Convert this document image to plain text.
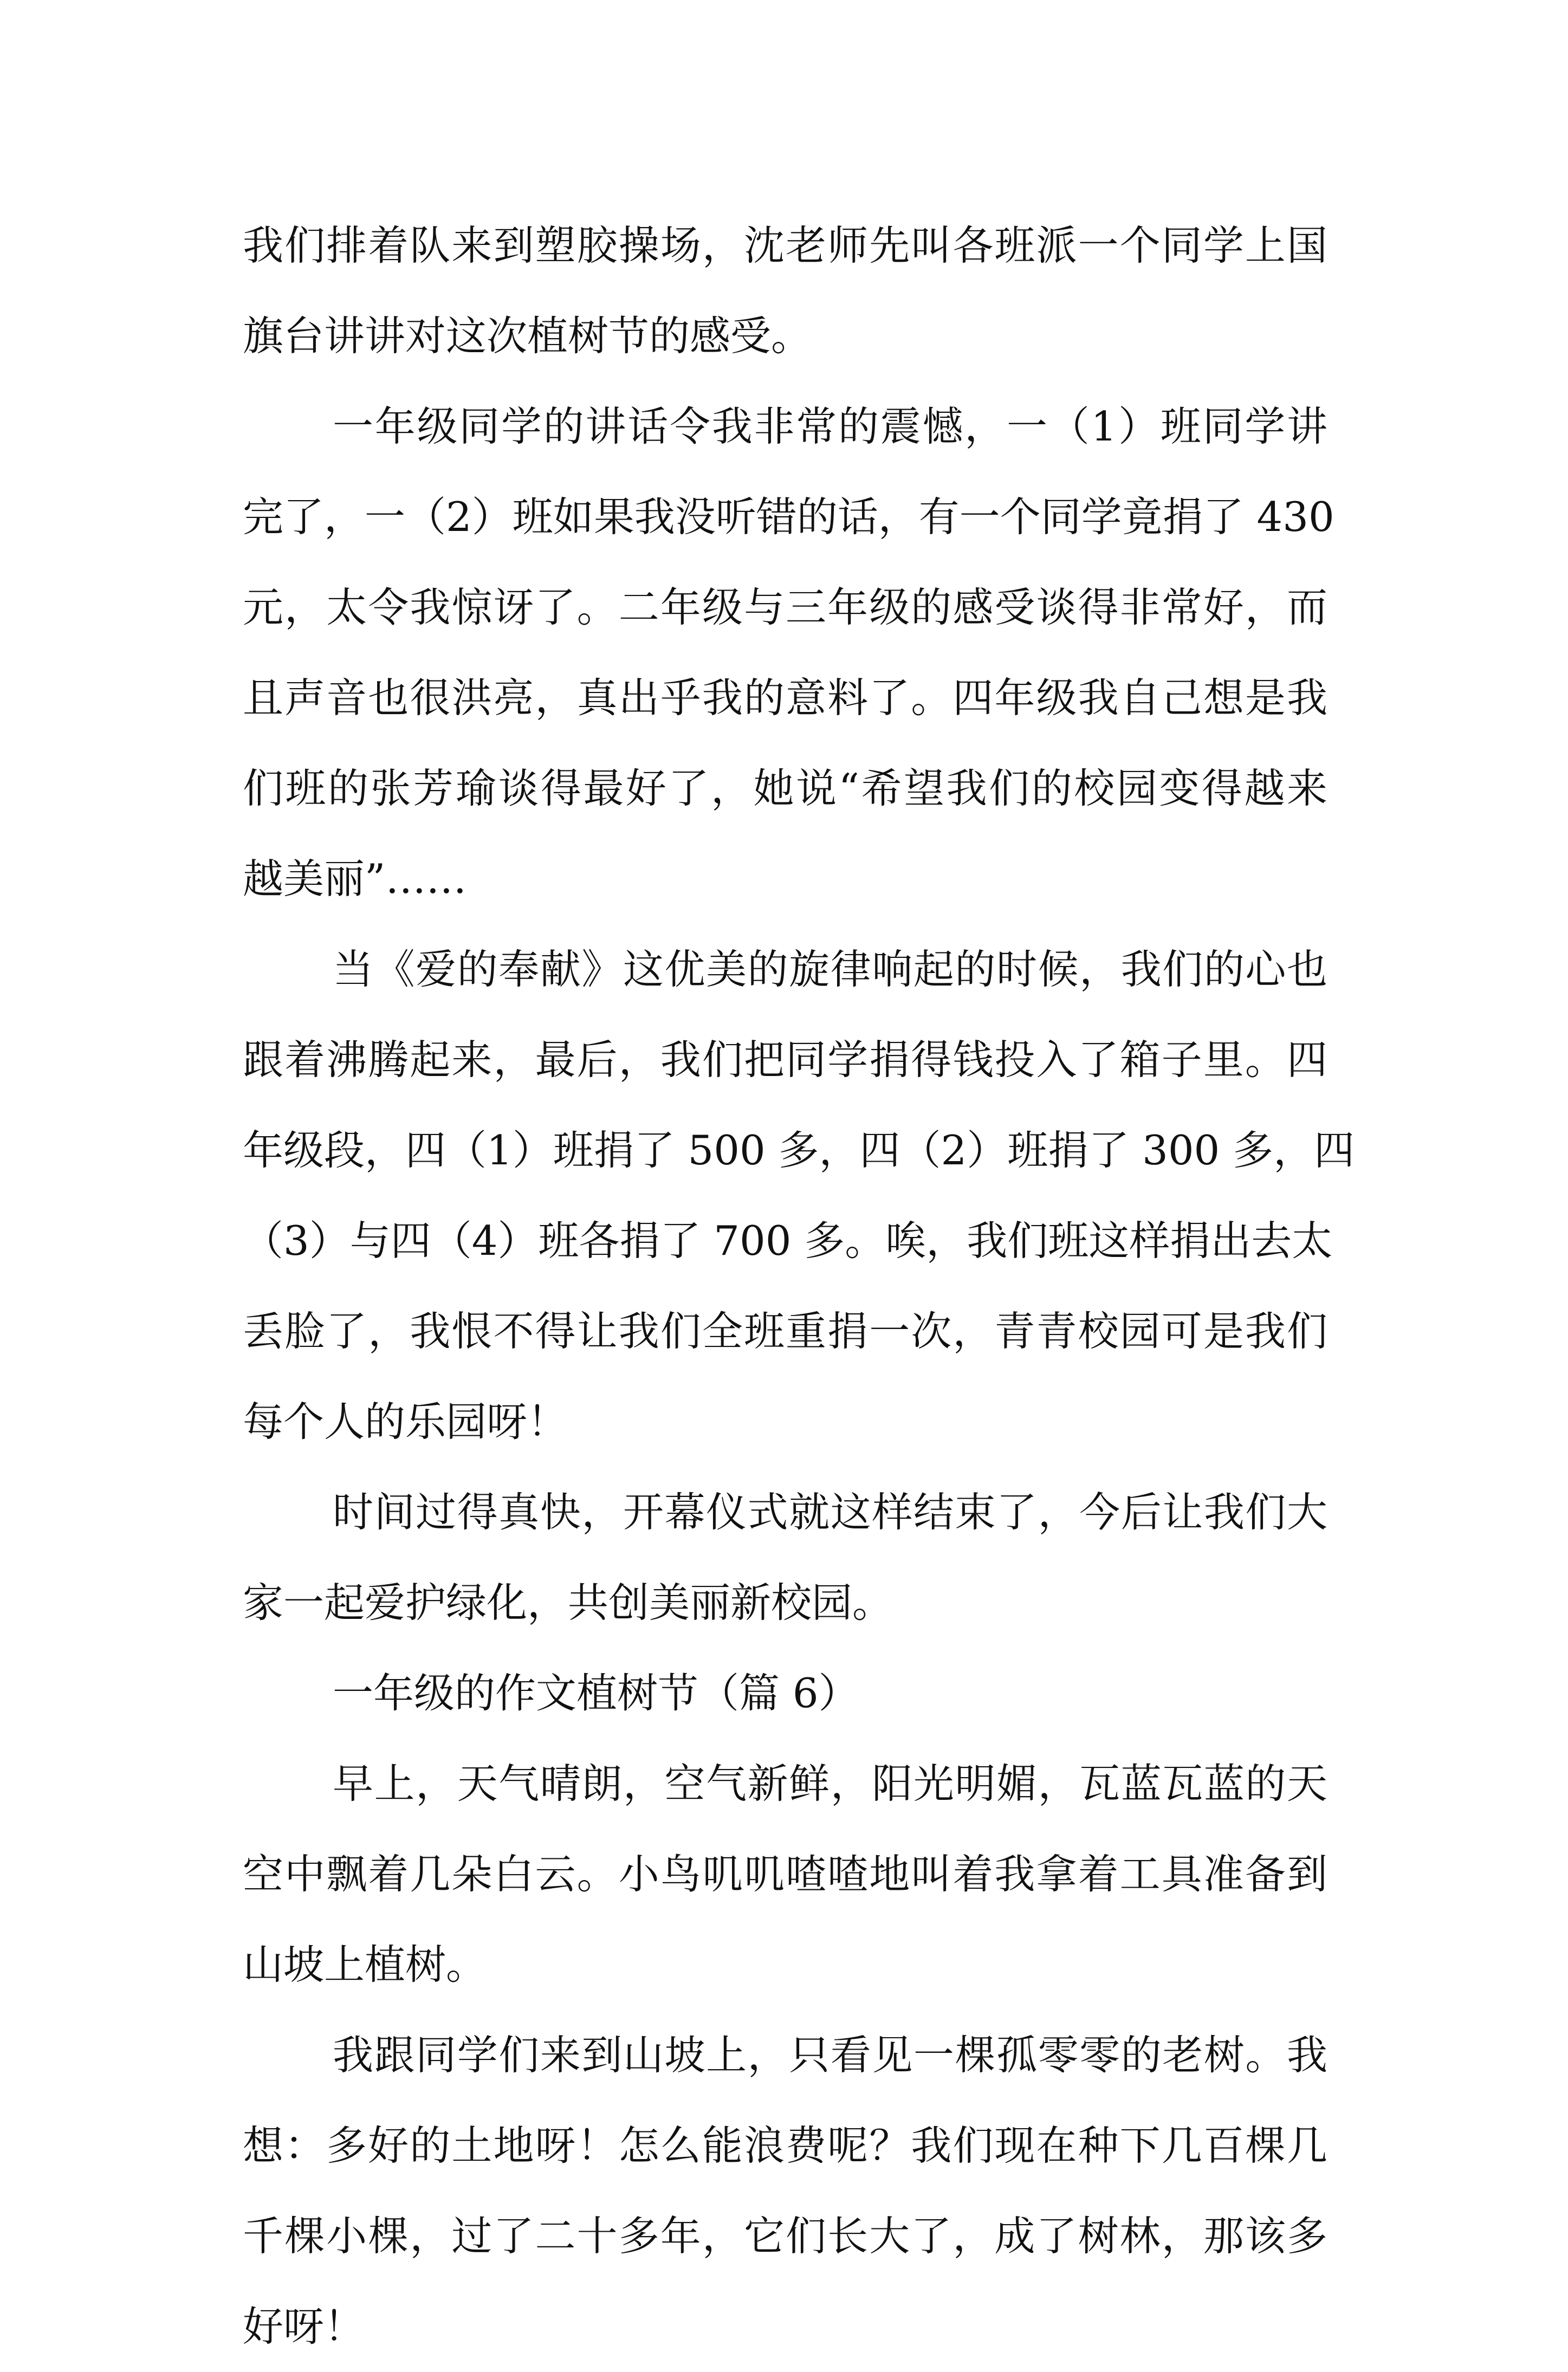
我们排着队来到塑胶操场，沈老师先叫各班派一个同学上国
旗台讲讲对这次植树节的感受。
一年级同学的讲话令我非常的震憾，一（1）班同学讲
完了，一（2）班如果我没听错的话，有一个同学竟捐了 430
元，太令我惊讶了。二年级与三年级的感受谈得非常好，而
且声音也很洪亮，真出乎我的意料了。四年级我自己想是我
们班的张芳瑜谈得最好了，她说“希望我们的校园变得越来
越美丽”……
当《爱的奉献》这优美的旋律响起的时候，我们的心也
跟着沸腾起来，最后，我们把同学捐得钱投入了箱子里。四
年级段，四（1）班捐了 500 多，四（2）班捐了 300 多，四
（3）与四（4）班各捐了 700 多。唉，我们班这样捐出去太
丢脸了，我恨不得让我们全班重捐一次，青青校园可是我们
每个人的乐园呀！
时间过得真快，开幕仪式就这样结束了，今后让我们大
家一起爱护绿化，共创美丽新校园。
一年级的作文植树节（篇 6）
早上，天气晴朗，空气新鲜，阳光明媚，瓦蓝瓦蓝的天
空中飘着几朵白云。小鸟叽叽喳喳地叫着我拿着工具准备到
山坡上植树。
我跟同学们来到山坡上，只看见一棵孤零零的老树。我
想：多好的土地呀！怎么能浪费呢？我们现在种下几百棵几
千棵小棵，过了二十多年，它们长大了，成了树林，那该多
好呀！
